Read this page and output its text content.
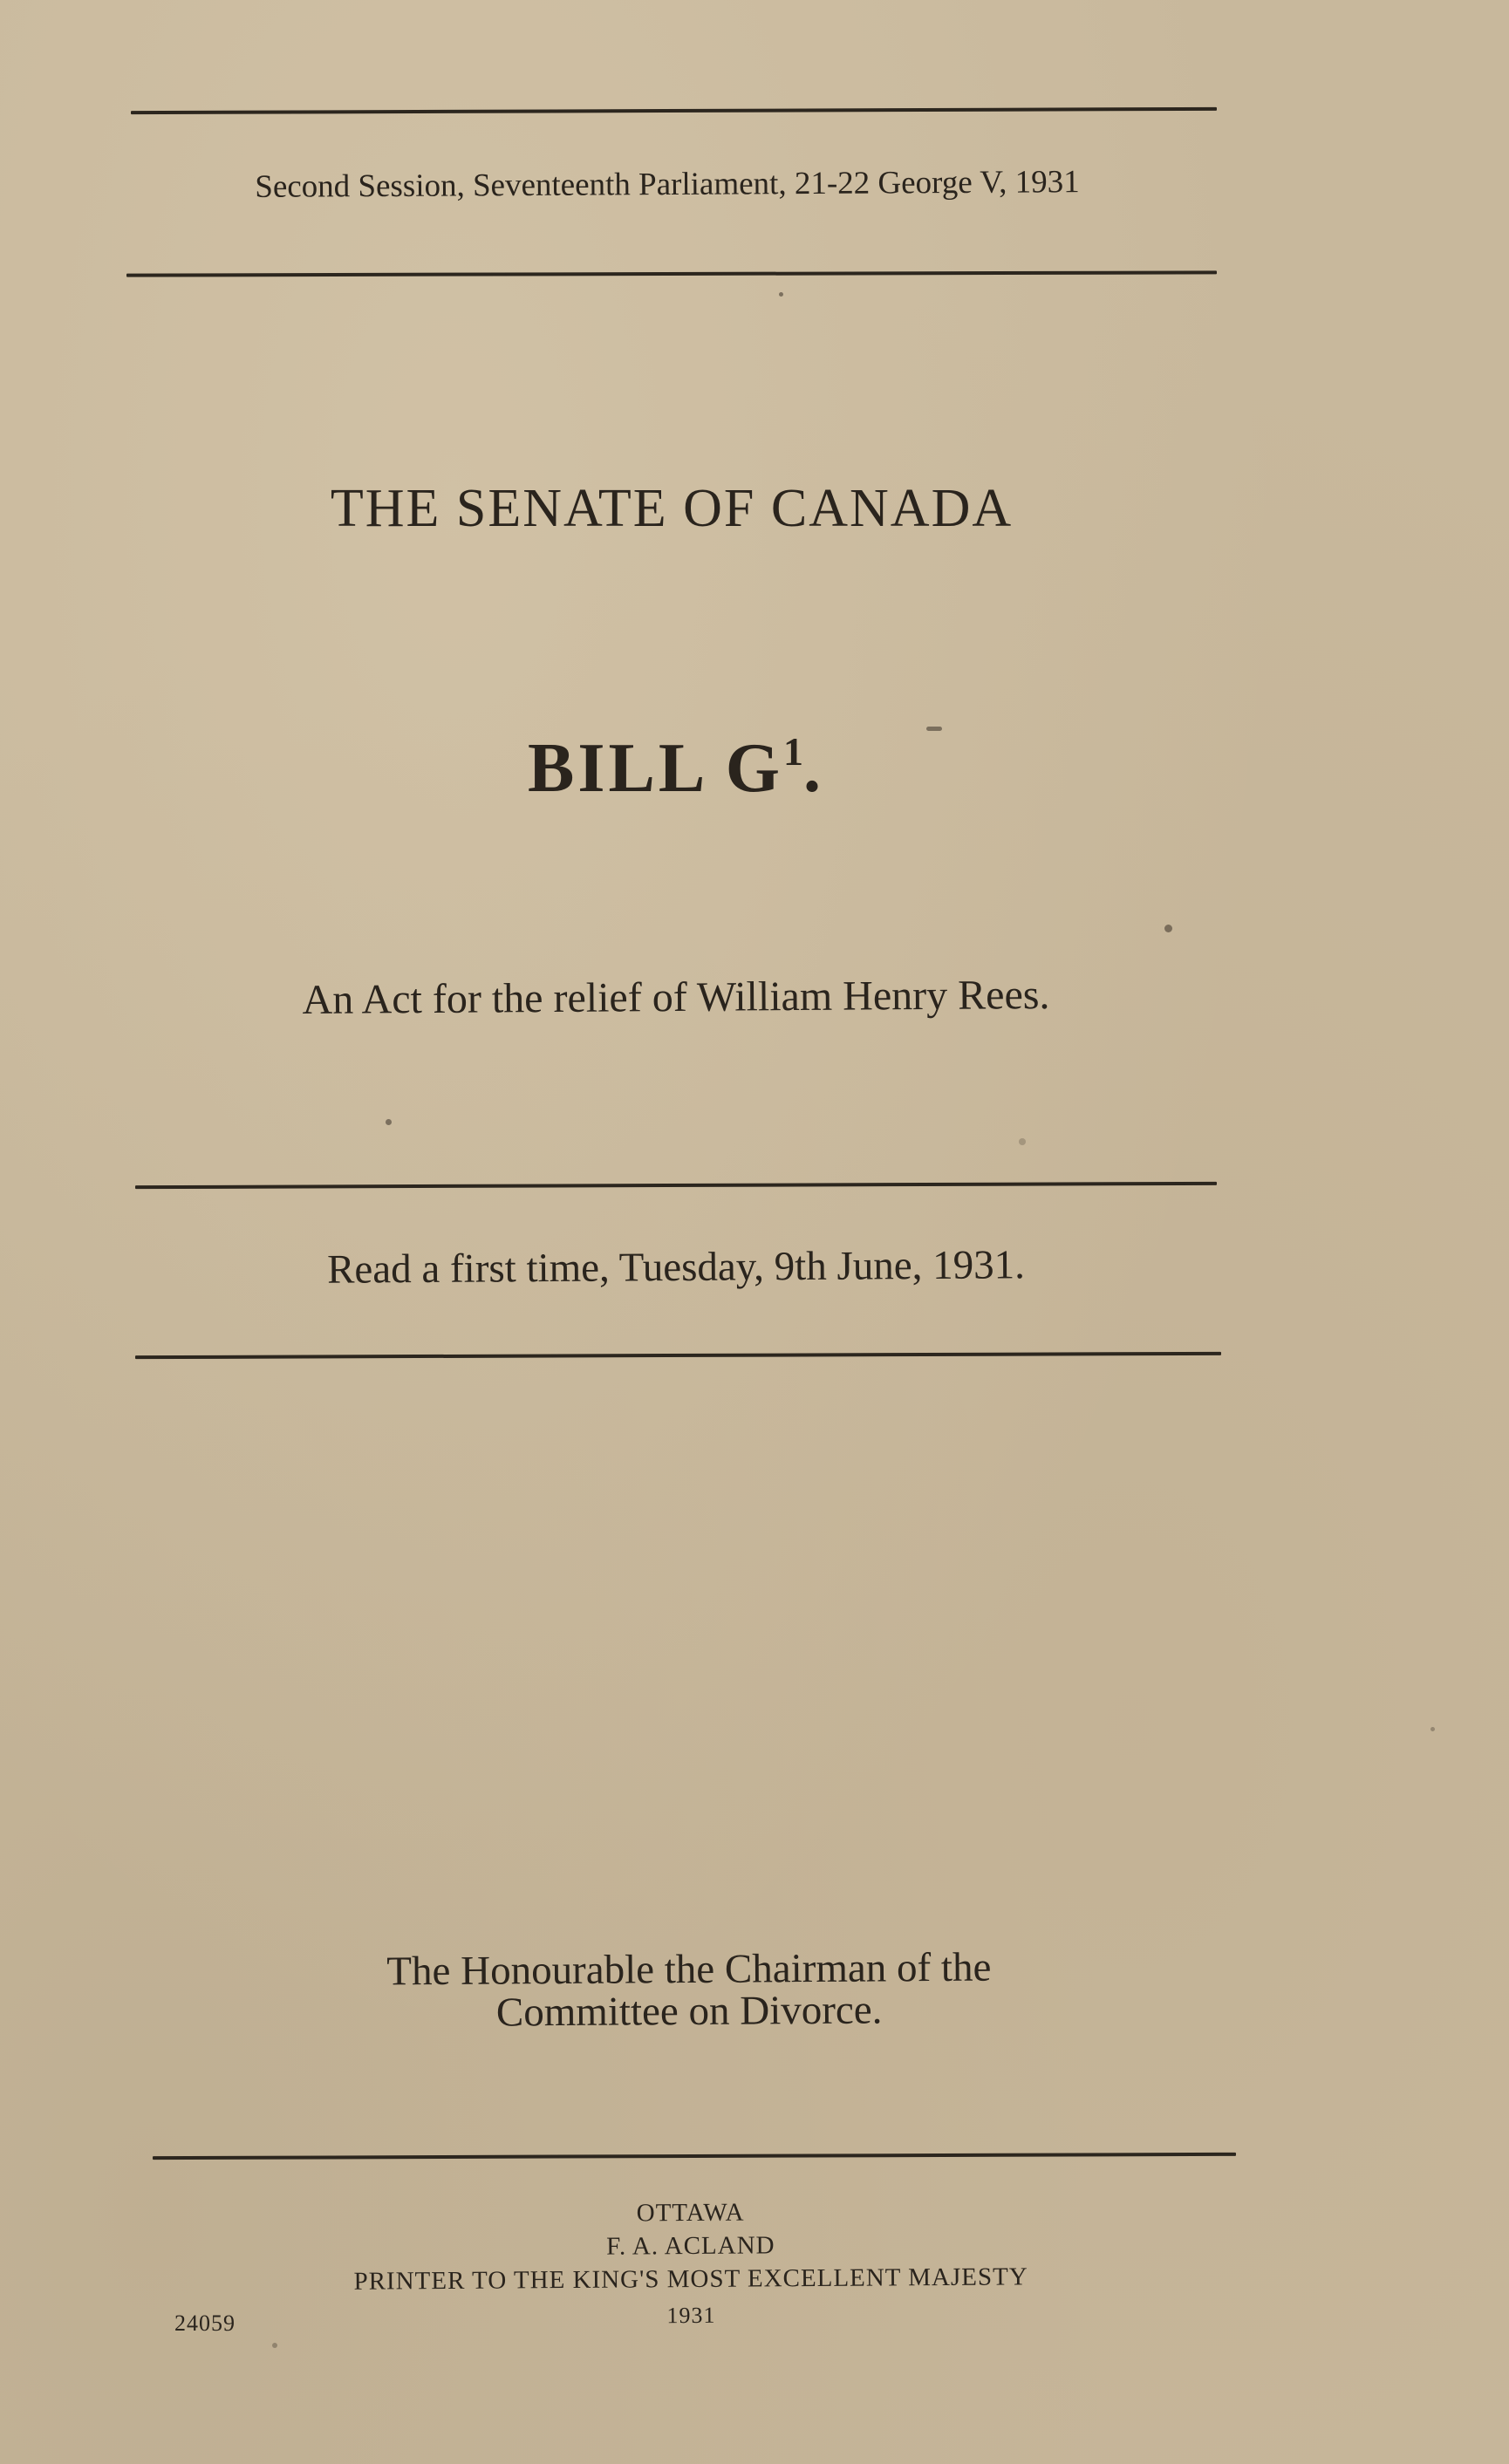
Second Session, Seventeenth Parliament, 21-22 George V, 1931
THE SENATE OF CANADA
BILL $G^1$.
An Act for the relief of William Henry Rees.
Read a first time, Tuesday, 9th June, 1931.
The Honourable the Chairman of the
Committee on Divorce.
OTTAWA
F. A. ACLAND
PRINTER TO THE KING'S MOST EXCELLENT MAJESTY
1931
24059
